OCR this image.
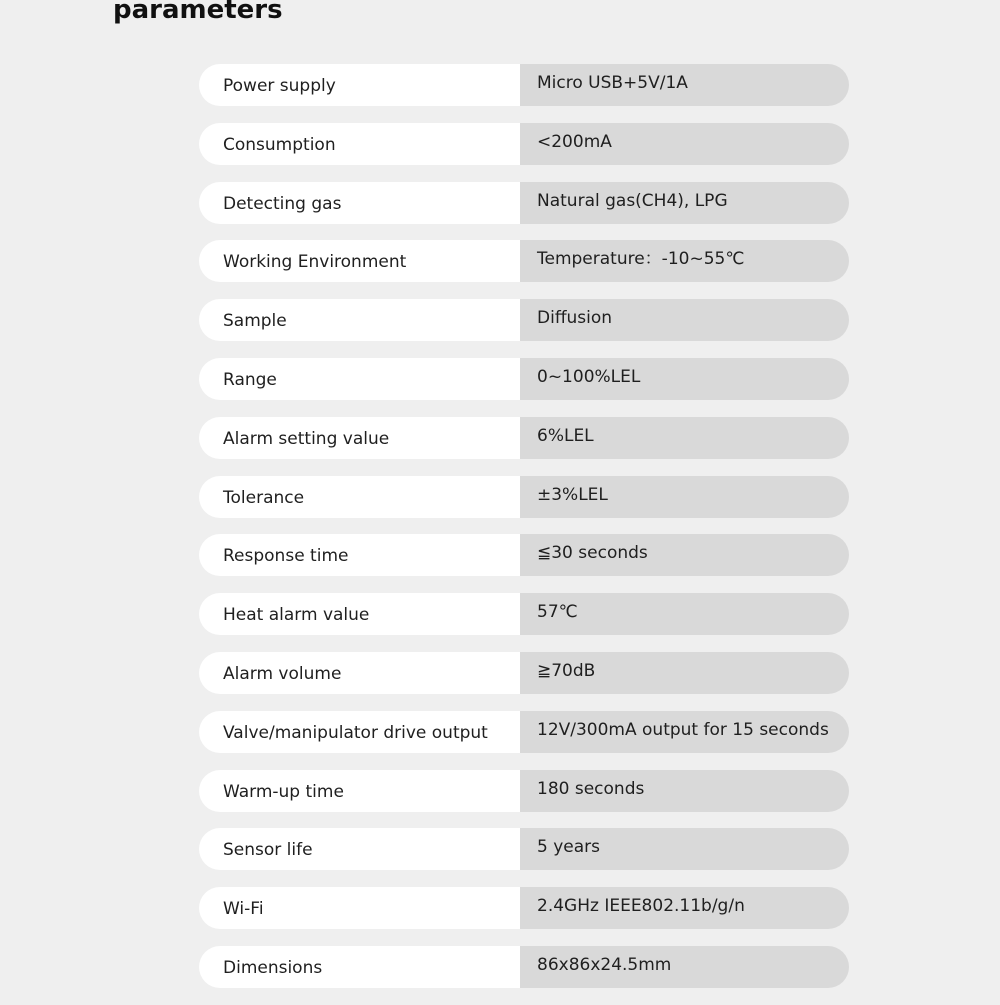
parameters
Power supply	Micro USB+5V/1A
Consumption	<200mA
Detecting gas	Natural gas(CH4), LPG
Working Environment	Temperature：-10~55℃
Sample	Diffusion
Range	0~100%LEL
Alarm setting value	6%LEL
Tolerance	±3%LEL
Response time	≦30 seconds
Heat alarm value	57℃
Alarm volume	≧70dB
Valve/manipulator drive output	12V/300mA output for 15 seconds
Warm-up time	180 seconds
Sensor life	5 years
Wi-Fi	2.4GHz IEEE802.11b/g/n
Dimensions	86x86x24.5mm
